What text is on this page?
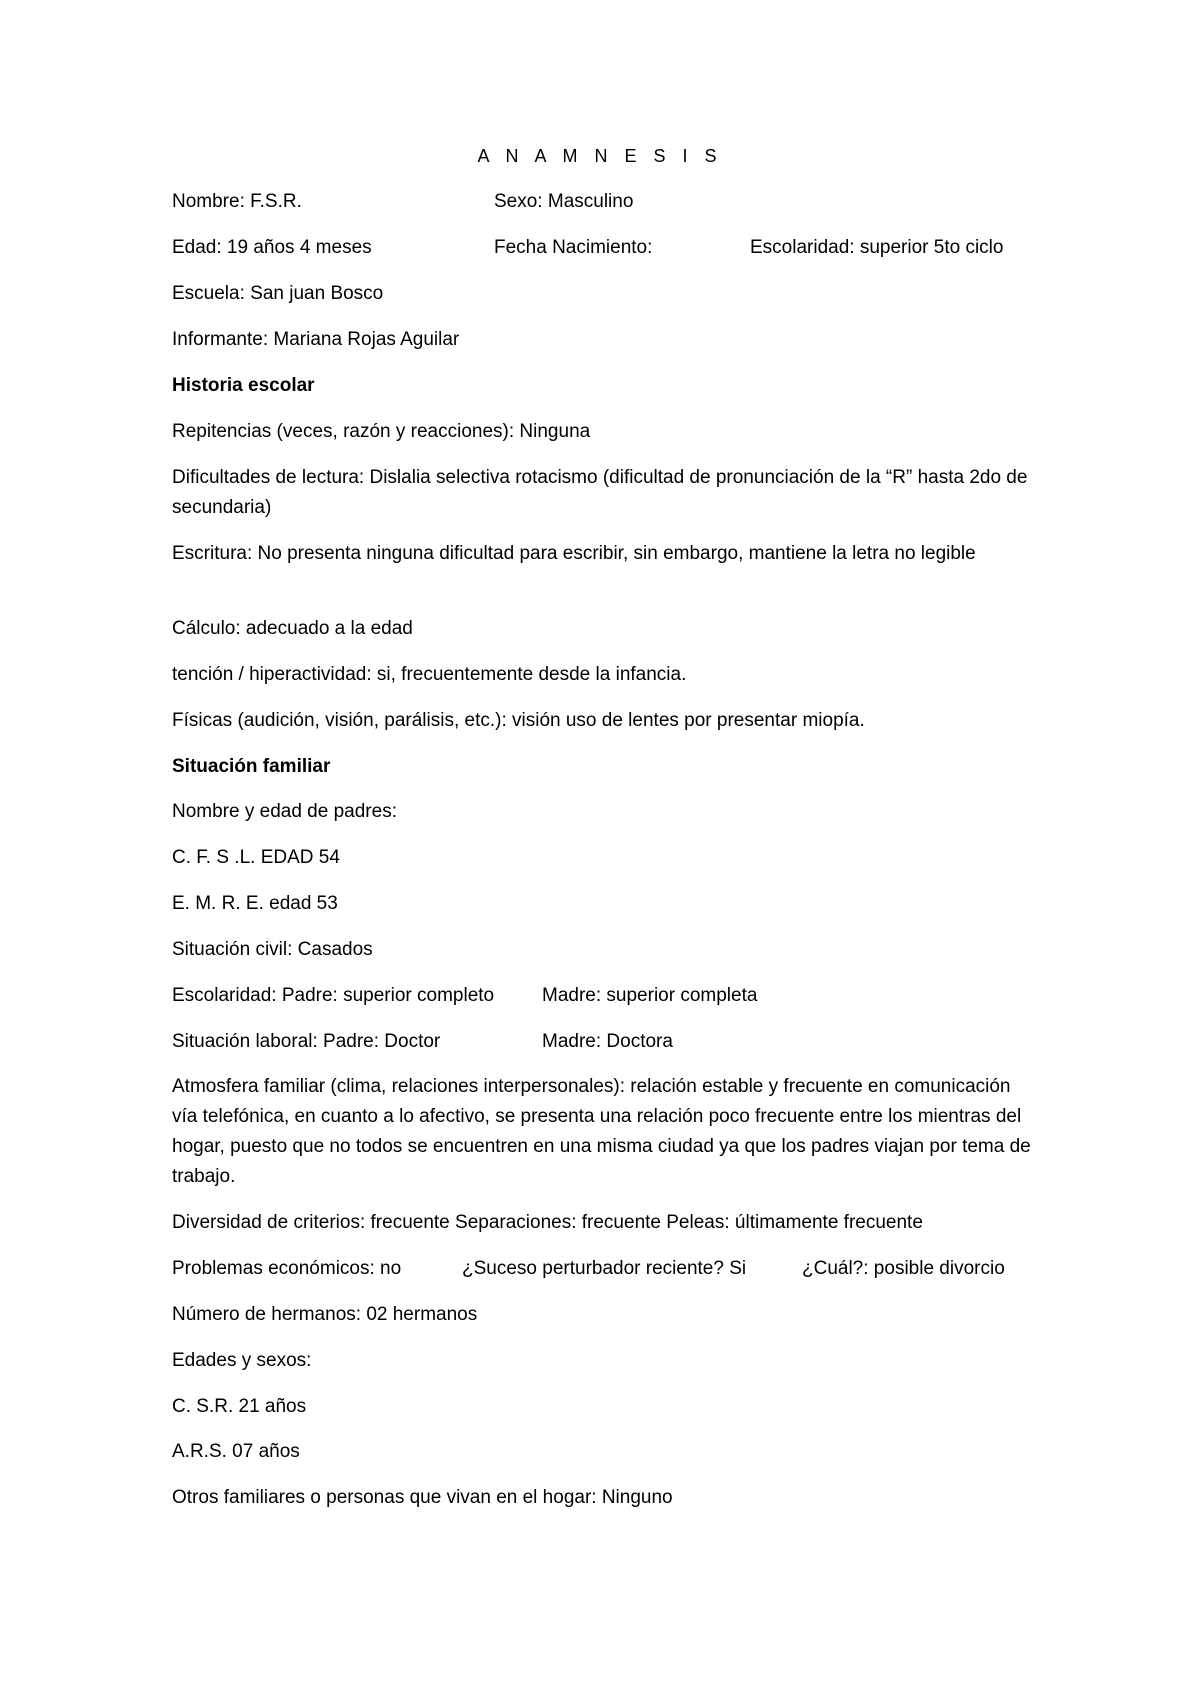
A N A M N E S I S
Nombre: F.S.R.	Sexo: Masculino
Edad: 19 años 4 meses	Fecha Nacimiento:	Escolaridad: superior 5to ciclo
Escuela: San juan Bosco
Informante: Mariana Rojas Aguilar
Historia escolar
Repitencias (veces, razón y reacciones): Ninguna
Dificultades de lectura: Dislalia selectiva rotacismo (dificultad de pronunciación de la “R” hasta 2do de secundaria)
Escritura: No presenta ninguna dificultad para escribir, sin embargo, mantiene la letra no legible
Cálculo: adecuado a la edad
tención / hiperactividad: si, frecuentemente desde la infancia.
Físicas (audición, visión, parálisis, etc.): visión uso de lentes por presentar miopía.
Situación familiar
Nombre y edad de padres:
C. F. S .L. EDAD 54
E. M. R. E. edad 53
Situación civil: Casados
Escolaridad: Padre: superior completo	Madre: superior completa
Situación laboral: Padre: Doctor	Madre: Doctora
Atmosfera familiar (clima, relaciones interpersonales): relación estable y frecuente en comunicación vía telefónica, en cuanto a lo afectivo, se presenta una relación poco frecuente entre los mientras del hogar, puesto que no todos se encuentren en una misma ciudad ya que los padres viajan por tema de trabajo.
Diversidad de criterios: frecuente Separaciones: frecuente Peleas: últimamente frecuente
Problemas económicos: no	¿Suceso perturbador reciente? Si	¿Cuál?: posible divorcio
Número de hermanos: 02 hermanos
Edades y sexos:
C. S.R. 21 años
A.R.S. 07 años
Otros familiares o personas que vivan en el hogar: Ninguno
